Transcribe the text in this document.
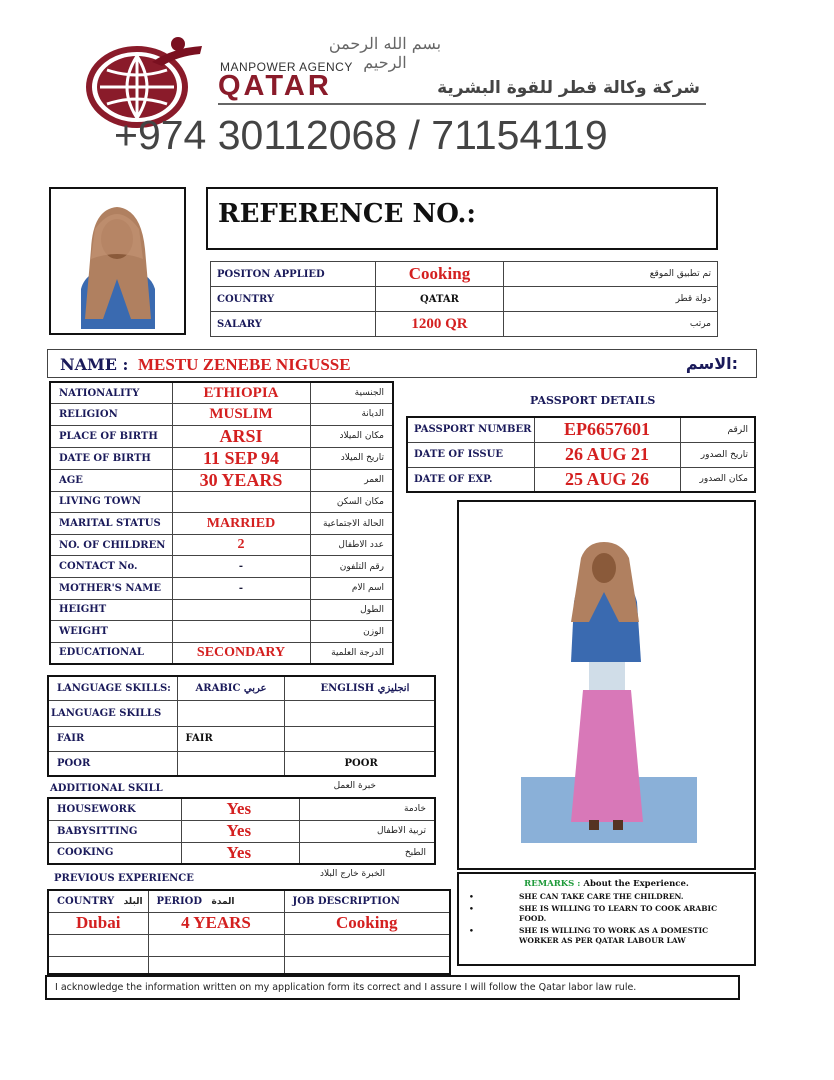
بسم الله الرحمن الرحيم
MANPOWER AGENCY
QATAR	شركة وكالة قطر للقوة البشرية
+974 30112068 / 71154119
REFERENCE NO.:
POSITON APPLIED	Cooking	تم تطبيق الموقع
COUNTRY	QATAR	دولة قطر
SALARY	1200 QR	مرتب
NAME : MESTU ZENEBE NIGUSSE	الاسم:
NATIONALITY	ETHIOPIA	الجنسية
RELIGION	MUSLIM	الديانة
PLACE OF BIRTH	ARSI	مكان الميلاد
DATE OF BIRTH	11 SEP 94	تاريخ الميلاد
AGE	30 YEARS	العمر
LIVING TOWN		مكان السكن
MARITAL STATUS	MARRIED	الحالة الاجتماعية
NO. OF CHILDREN	2	عدد الاطفال
CONTACT No.	-	رقم التلفون
MOTHER'S NAME	-	اسم الام
HEIGHT		الطول
WEIGHT		الوزن
EDUCATIONAL	SECONDARY	الدرجة العلمية
PASSPORT DETAILS
PASSPORT NUMBER	EP6657601	الرقم
DATE OF ISSUE	26 AUG 21	تاريخ الصدور
DATE OF EXP.	25 AUG 26	مكان الصدور
LANGUAGE SKILLS:	ARABIC عربي	ENGLISH انجليزي
LANGUAGE SKILLS		
FAIR	FAIR	
POOR		POOR
ADDITIONAL SKILL	خبرة العمل
HOUSEWORK	Yes	خادمة
BABYSITTING	Yes	تربية الاطفال
COOKING	Yes	الطبخ
PREVIOUS EXPERIENCE	الخبرة خارج البلاد
COUNTRY البلد	PERIOD المدة	JOB DESCRIPTION
Dubai	4 YEARS	Cooking

REMARKS : About the Experience.
•	SHE CAN TAKE CARE THE CHILDREN.
•	SHE IS WILLING TO LEARN TO COOK ARABIC FOOD.
•	SHE IS WILLING TO WORK AS A DOMESTIC WORKER AS PER QATAR LABOUR LAW
I acknowledge the information written on my application form its correct and I assure I will follow the Qatar labor law rule.
